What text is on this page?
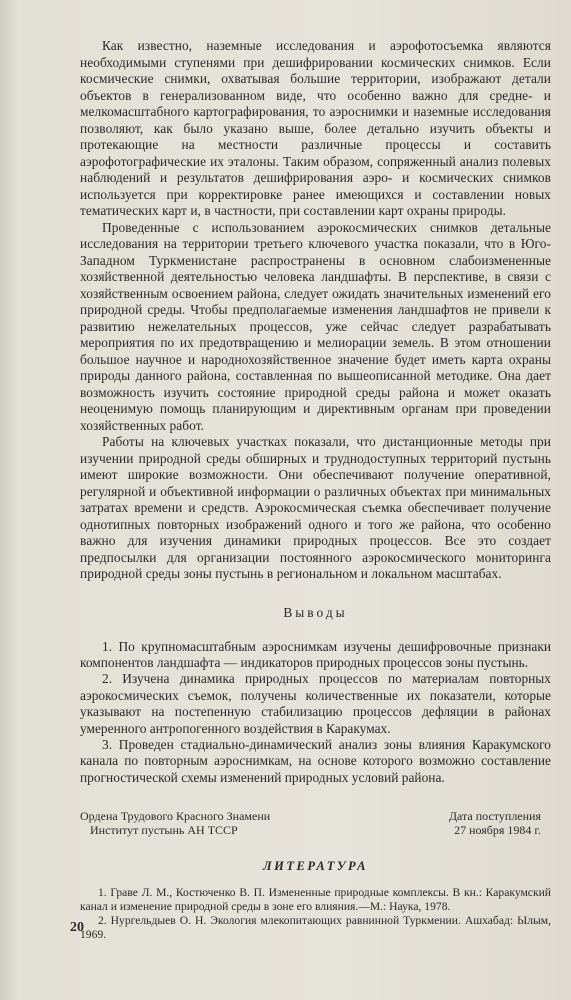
Как известно, наземные исследования и аэрофотосъемка являются необходимыми ступенями при дешифрировании космических снимков. Если космические снимки, охватывая большие территории, изображают детали объектов в генерализованном виде, что особенно важно для средне- и мелкомасштабного картографирования, то аэроснимки и наземные исследования позволяют, как было указано выше, более детально изучить объекты и протекающие на местности различные процессы и составить аэрофотографические их эталоны. Таким образом, сопряженный анализ полевых наблюдений и результатов дешифрирования аэро- и космических снимков используется при корректировке ранее имеющихся и составлении новых тематических карт и, в частности, при составлении карт охраны природы.

Проведенные с использованием аэрокосмических снимков детальные исследования на территории третьего ключевого участка показали, что в Юго-Западном Туркменистане распространены в основном слабоизмененные хозяйственной деятельностью человека ландшафты. В перспективе, в связи с хозяйственным освоением района, следует ожидать значительных изменений его природной среды. Чтобы предполагаемые изменения ландшафтов не привели к развитию нежелательных процессов, уже сейчас следует разрабатывать мероприятия по их предотвращению и мелиорации земель. В этом отношении большое научное и народнохозяйственное значение будет иметь карта охраны природы данного района, составленная по вышеописанной методике. Она дает возможность изучить состояние природной среды района и может оказать неоценимую помощь планирующим и директивным органам при проведении хозяйственных работ.

Работы на ключевых участках показали, что дистанционные методы при изучении природной среды обширных и труднодоступных территорий пустынь имеют широкие возможности. Они обеспечивают получение оперативной, регулярной и объективной информации о различных объектах при минимальных затратах времени и средств. Аэрокосмическая съемка обеспечивает получение однотипных повторных изображений одного и того же района, что особенно важно для изучения динамики природных процессов. Все это создает предпосылки для организации постоянного аэрокосмического мониторинга природной среды зоны пустынь в региональном и локальном масштабах.

Выводы

1. По крупномасштабным аэроснимкам изучены дешифровочные признаки компонентов ландшафта — индикаторов природных процессов зоны пустынь.

2. Изучена динамика природных процессов по материалам повторных аэрокосмических съемок, получены количественные их показатели, которые указывают на постепенную стабилизацию процессов дефляции в районах умеренного антропогенного воздействия в Каракумах.

3. Проведен стадиально-динамический анализ зоны влияния Каракумского канала по повторным аэроснимкам, на основе которого возможно составление прогностической схемы изменений природных условий района.

Ордена Трудового Красного Знамени
Институт пустынь АН ТССР
Дата поступления
27 ноября 1984 г.
ЛИТЕРАТУРА

1. Граве Л. М., Костюченко В. П. Измененные природные комплексы. В кн.: Каракумский канал и изменение природной среды в зоне его влияния.—М.: Наука, 1978.

2. Нургельдыев О. Н. Экология млекопитающих равнинной Туркмении. Ашхабад: Ылым, 1969.

20
